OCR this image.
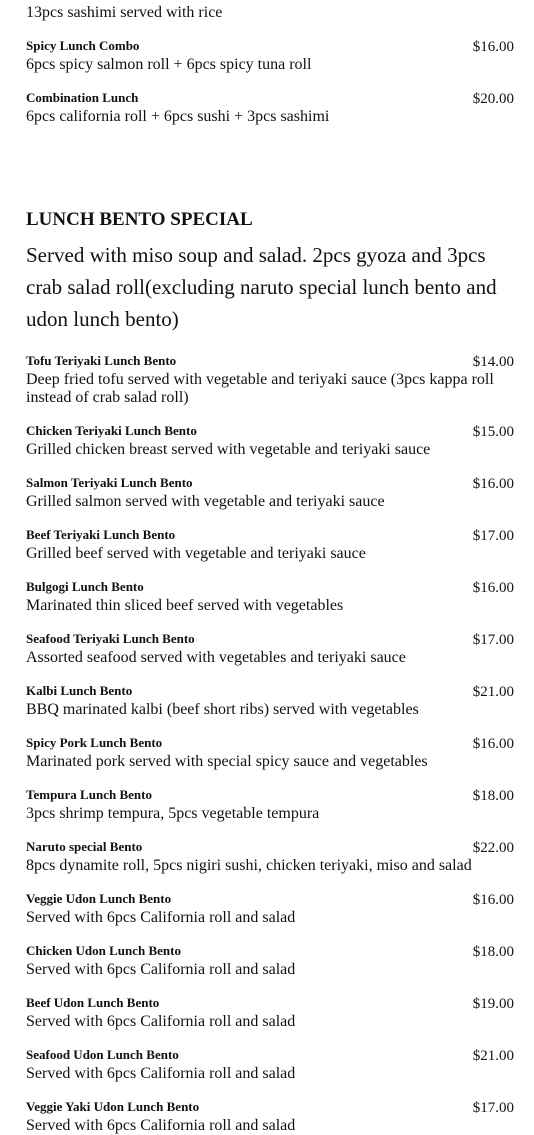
13pcs sashimi served with rice
Spicy Lunch Combo	$16.00
6pcs spicy salmon roll + 6pcs spicy tuna roll
Combination Lunch	$20.00
6pcs california roll + 6pcs sushi + 3pcs sashimi
LUNCH BENTO SPECIAL
Served with miso soup and salad. 2pcs gyoza and 3pcs crab salad roll(excluding naruto special lunch bento and udon lunch bento)
Tofu Teriyaki Lunch Bento	$14.00
Deep fried tofu served with vegetable and teriyaki sauce (3pcs kappa roll instead of crab salad roll)
Chicken Teriyaki Lunch Bento	$15.00
Grilled chicken breast served with vegetable and teriyaki sauce
Salmon Teriyaki Lunch Bento	$16.00
Grilled salmon served with vegetable and teriyaki sauce
Beef Teriyaki Lunch Bento	$17.00
Grilled beef served with vegetable and teriyaki sauce
Bulgogi Lunch Bento	$16.00
Marinated thin sliced beef served with vegetables
Seafood Teriyaki Lunch Bento	$17.00
Assorted seafood served with vegetables and teriyaki sauce
Kalbi Lunch Bento	$21.00
BBQ marinated kalbi (beef short ribs) served with vegetables
Spicy Pork Lunch Bento	$16.00
Marinated pork served with special spicy sauce and vegetables
Tempura Lunch Bento	$18.00
3pcs shrimp tempura, 5pcs vegetable tempura
Naruto special Bento	$22.00
8pcs dynamite roll, 5pcs nigiri sushi, chicken teriyaki, miso and salad
Veggie Udon Lunch Bento	$16.00
Served with 6pcs California roll and salad
Chicken Udon Lunch Bento	$18.00
Served with 6pcs California roll and salad
Beef Udon Lunch Bento	$19.00
Served with 6pcs California roll and salad
Seafood Udon Lunch Bento	$21.00
Served with 6pcs California roll and salad
Veggie Yaki Udon Lunch Bento	$17.00
Served with 6pcs California roll and salad
